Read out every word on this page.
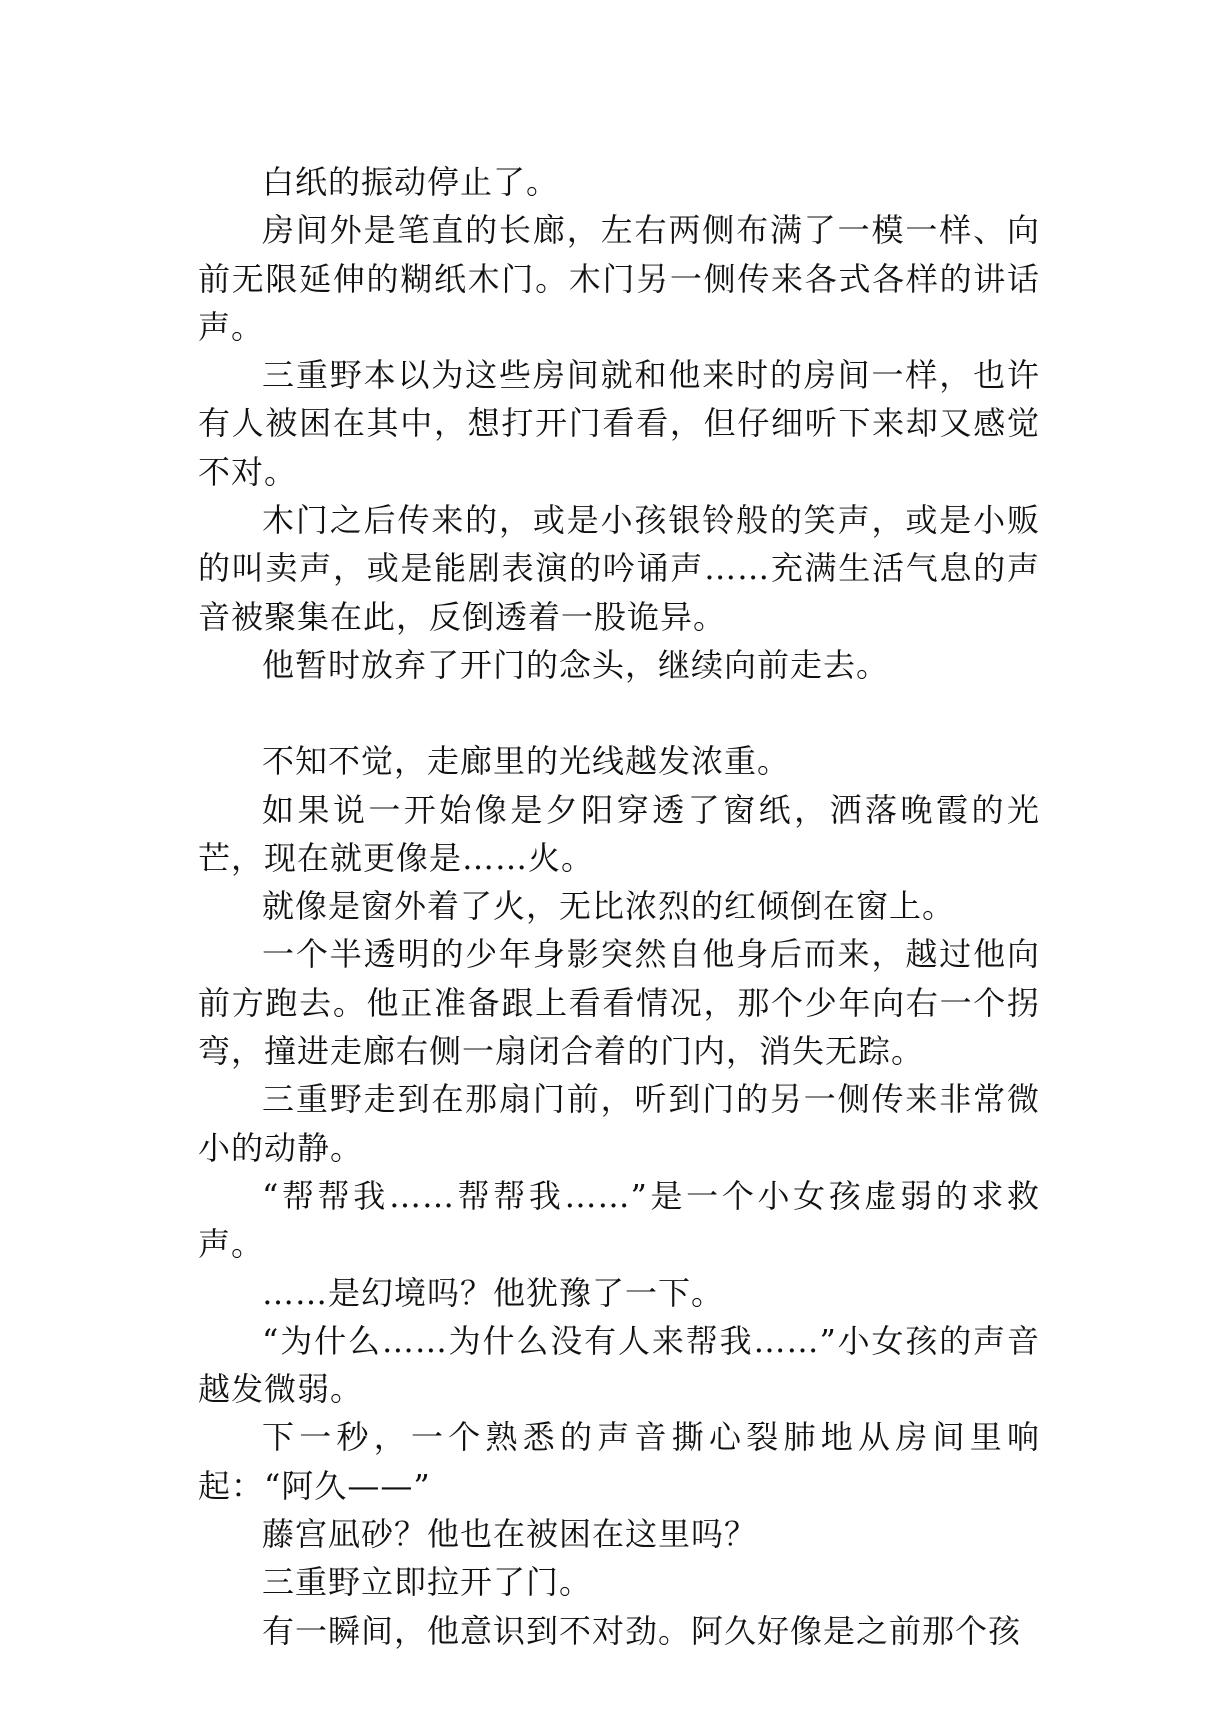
白纸的振动停止了。

房间外是笔直的长廊，左右两侧布满了一模一样、向前无限延伸的糊纸木门。木门另一侧传来各式各样的讲话声。

三重野本以为这些房间就和他来时的房间一样，也许有人被困在其中，想打开门看看，但仔细听下来却又感觉不对。

木门之后传来的，或是小孩银铃般的笑声，或是小贩的叫卖声，或是能剧表演的吟诵声……充满生活气息的声音被聚集在此，反倒透着一股诡异。

他暂时放弃了开门的念头，继续向前走去。

不知不觉，走廊里的光线越发浓重。

如果说一开始像是夕阳穿透了窗纸，洒落晚霞的光芒，现在就更像是……火。

就像是窗外着了火，无比浓烈的红倾倒在窗上。

一个半透明的少年身影突然自他身后而来，越过他向前方跑去。他正准备跟上看看情况，那个少年向右一个拐弯，撞进走廊右侧一扇闭合着的门内，消失无踪。

三重野走到在那扇门前，听到门的另一侧传来非常微小的动静。

“帮帮我……帮帮我……”是一个小女孩虚弱的求救声。

……是幻境吗？他犹豫了一下。

“为什么……为什么没有人来帮我……”小女孩的声音越发微弱。

下一秒，一个熟悉的声音撕心裂肺地从房间里响起：“阿久——”

藤宫凪砂？他也在被困在这里吗？

三重野立即拉开了门。

有一瞬间，他意识到不对劲。阿久好像是之前那个孩
